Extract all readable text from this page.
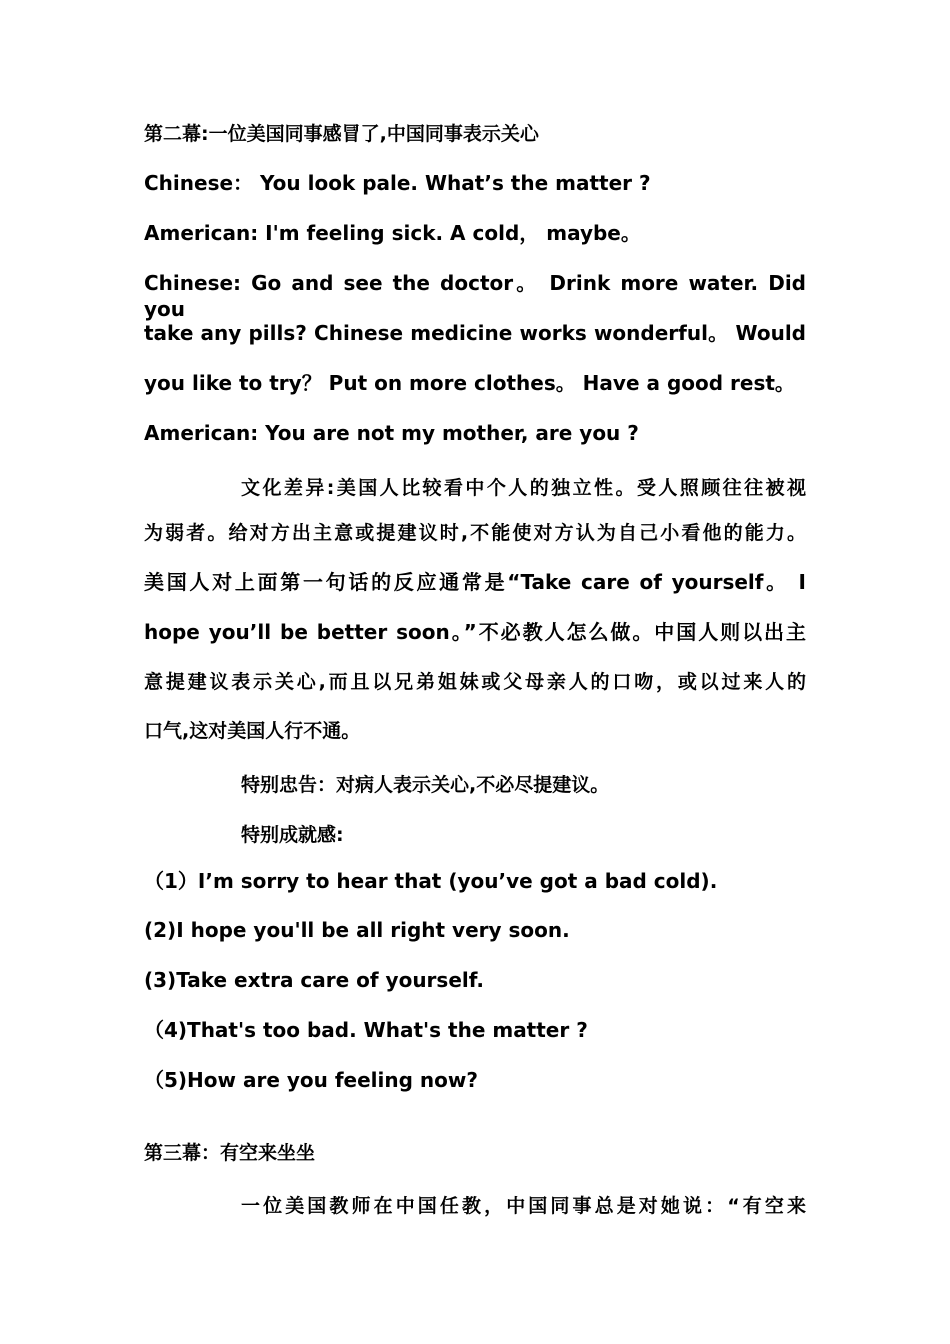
第二幕:一位美国同事感冒了,中国同事表示关心
Chinese： You look pale. What’s the matter ?
American: I'm feeling sick. A cold， maybe。
Chinese: Go and see the doctor。 Drink more water. Did you
take any pills? Chinese medicine works wonderful。 Would
you like to try？ Put on more clothes。 Have a good rest。
American: You are not my mother, are you ?
文化差异:美国人比较看中个人的独立性。受人照顾往往被视
为弱者。给对方出主意或提建议时,不能使对方认为自己小看他的能力。
美国人对上面第一句话的反应通常是“Take care of yourself。 I
hope you’ll be better soon。”不必教人怎么做。中国人则以出主
意提建议表示关心,而且以兄弟姐妹或父母亲人的口吻，或以过来人的
口气,这对美国人行不通。
特别忠告：对病人表示关心,不必尽提建议。
特别成就感:
（1）I’m sorry to hear that (you’ve got a bad cold).
(2)I hope you'll be all right very soon.
(3)Take extra care of yourself.
（4)That's too bad. What's the matter ?
（5)How are you feeling now?
第三幕：有空来坐坐
一位美国教师在中国任教，中国同事总是对她说：“有空来
